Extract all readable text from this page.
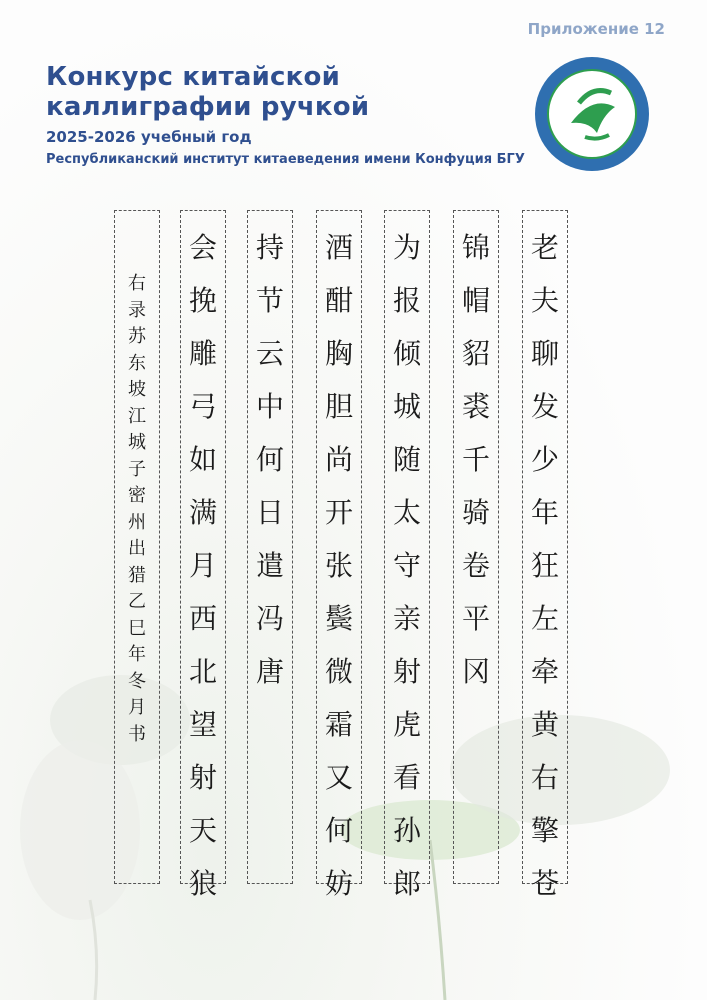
Приложение 12
Конкурс китайской
каллиграфии ручкой
2025-2026 учебный год
Республиканский институт китаеведения имени Конфуция БГУ
老
夫
聊
发
少
年
狂
左
牵
黄
右
擎
苍
锦
帽
貂
裘
千
骑
卷
平
冈
为
报
倾
城
随
太
守
亲
射
虎
看
孙
郎
酒
酣
胸
胆
尚
开
张
鬓
微
霜
又
何
妨
持
节
云
中
何
日
遣
冯
唐
会
挽
雕
弓
如
满
月
西
北
望
射
天
狼
右
录
苏
东
坡
江
城
子
密
州
出
猎
乙
巳
年
冬
月
书
